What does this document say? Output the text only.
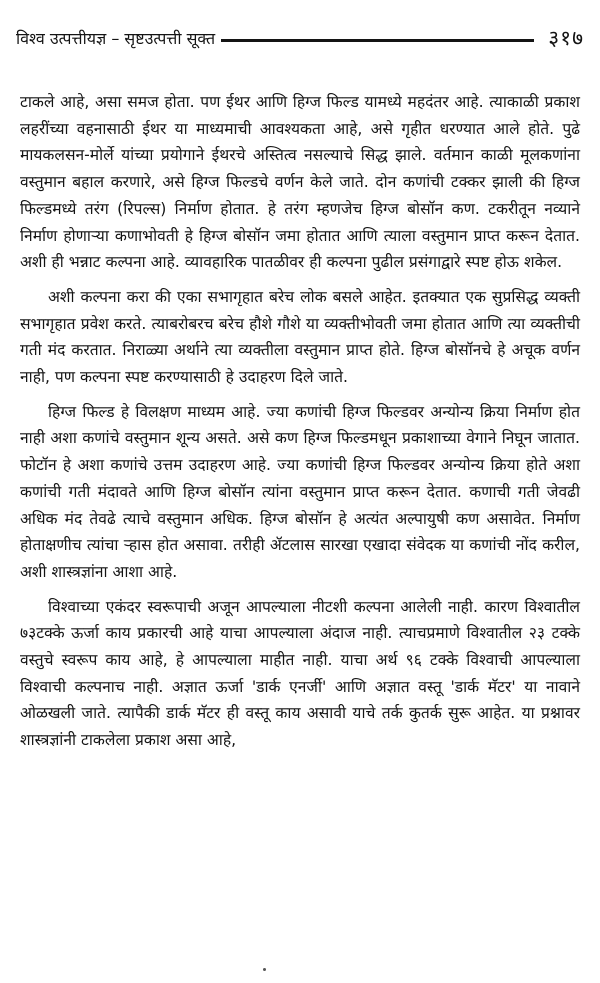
विश्व उत्पत्तीयज्ञ – सृष्टउत्पत्ती सूक्त	३१७

टाकले आहे, असा समज होता. पण ईथर आणि हिग्ज फिल्ड यामध्ये महदंतर आहे. त्याकाळी प्रकाश लहरींच्या वहनासाठी ईथर या माध्यमाची आवश्यकता आहे, असे गृहीत धरण्यात आले होते. पुढे मायकलसन-मोर्ले यांच्या प्रयोगाने ईथरचे अस्तित्व नसल्याचे सिद्ध झाले. वर्तमान काळी मूलकणांना वस्तुमान बहाल करणारे, असे हिग्ज फिल्डचे वर्णन केले जाते. दोन कणांची टक्कर झाली की हिग्ज फिल्डमध्ये तरंग (रिपल्स) निर्माण होतात. हे तरंग म्हणजेच हिग्ज बोसॉन कण. टकरीतून नव्याने निर्माण होणाऱ्या कणाभोवती हे हिग्ज बोसॉन जमा होतात आणि त्याला वस्तुमान प्राप्त करून देतात. अशी ही भन्नाट कल्पना आहे. व्यावहारिक पातळीवर ही कल्पना पुढील प्रसंगाद्वारे स्पष्ट होऊ शकेल.

अशी कल्पना करा की एका सभागृहात बरेच लोक बसले आहेत. इतक्यात एक सुप्रसिद्ध व्यक्ती सभागृहात प्रवेश करते. त्याबरोबरच बरेच हौशे गौशे या व्यक्तीभोवती जमा होतात आणि त्या व्यक्तीची गती मंद करतात. निराळ्या अर्थाने त्या व्यक्तीला वस्तुमान प्राप्त होते. हिग्ज बोसॉनचे हे अचूक वर्णन नाही, पण कल्पना स्पष्ट करण्यासाठी हे उदाहरण दिले जाते.

हिग्ज फिल्ड हे विलक्षण माध्यम आहे. ज्या कणांची हिग्ज फिल्डवर अन्योन्य क्रिया निर्माण होत नाही अशा कणांचे वस्तुमान शून्य असते. असे कण हिग्ज फिल्डमधून प्रकाशाच्या वेगाने निघून जातात. फोटॉन हे अशा कणांचे उत्तम उदाहरण आहे. ज्या कणांची हिग्ज फिल्डवर अन्योन्य क्रिया होते अशा कणांची गती मंदावते आणि हिग्ज बोसॉन त्यांना वस्तुमान प्राप्त करून देतात. कणाची गती जेवढी अधिक मंद तेवढे त्याचे वस्तुमान अधिक. हिग्ज बोसॉन हे अत्यंत अल्पायुषी कण असावेत. निर्माण होताक्षणीच त्यांचा ऱ्हास होत असावा. तरीही ॲटलास सारखा एखादा संवेदक या कणांची नोंद करील, अशी शास्त्रज्ञांना आशा आहे.

विश्वाच्या एकंदर स्वरूपाची अजून आपल्याला नीटशी कल्पना आलेली नाही. कारण विश्वातील ७३टक्के ऊर्जा काय प्रकारची आहे याचा आपल्याला अंदाज नाही. त्याचप्रमाणे विश्वातील २३ टक्के वस्तुचे स्वरूप काय आहे, हे आपल्याला माहीत नाही. याचा अर्थ ९६ टक्के विश्वाची आपल्याला विश्वाची कल्पनाच नाही. अज्ञात ऊर्जा 'डार्क एनर्जी' आणि अज्ञात वस्तू 'डार्क मॅटर' या नावाने ओळखली जाते. त्यापैकी डार्क मॅटर ही वस्तू काय असावी याचे तर्क कुतर्क सुरू आहेत. या प्रश्नावर शास्त्रज्ञांनी टाकलेला प्रकाश असा आहे,
